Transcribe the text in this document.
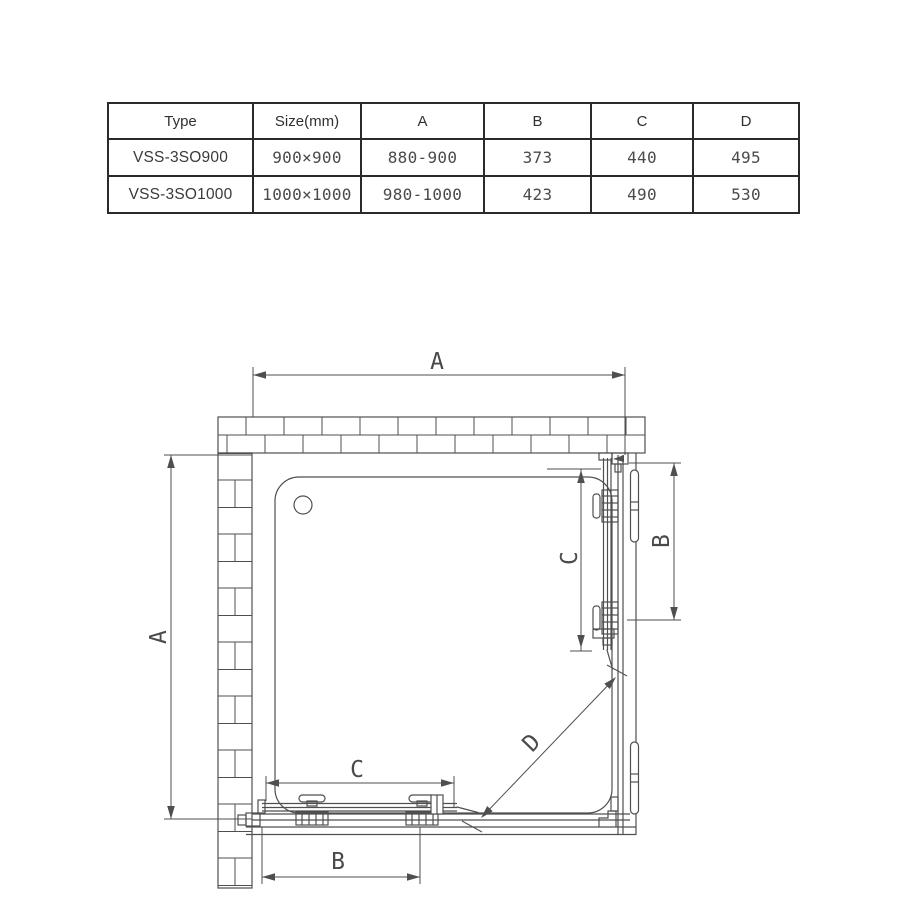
Type	Size(mm)	A	B	C	D
VSS-3SO900	900×900	880-900	373	440	495
VSS-3SO1000	1000×1000	980-1000	423	490	530
A
A
C
B
C
B
D
